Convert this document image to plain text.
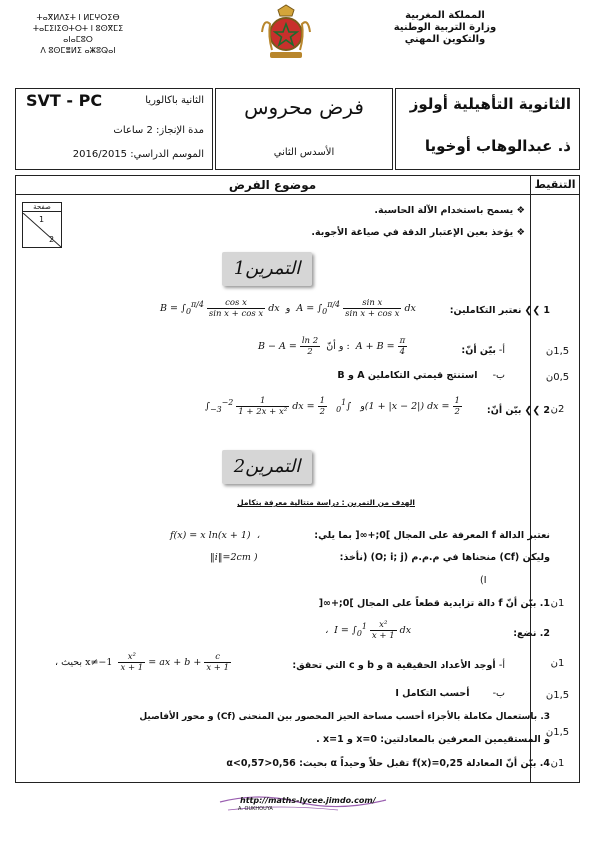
ⵜⴰⴳⵍⴷⵉⵜ ⵏ ⵍⵎⵖⵔⵉⴱ
ⵜⴰⵎⵉⵏⵉⵙⵜⵔⵜ ⵏ ⵓⵙⴳⵎⵉ ⴰⵏⴰⵎⵓⵔ
ⴷ ⵓⵙⵎⴻⵍⵉ ⴰⵥⵓⵕⴰⵏ
المملكة المغربية
وزارة التربية الوطنية
والتكوين المهني
الثانوية التأهيلية أولوز
ذ. عبدالوهاب أوخويا
فرض محروس
الأسدس الثاني
الثانية باكالوريا
SVT - PC
مدة الإنجاز: 2 ساعات
الموسم الدراسي: 2016/2015
موضوع الفرض	التنقيط
صفحة
1
2
❖ يسمح باستخدام الآلة الحاسبة.
❖ يؤخذ بعين الإعتبار الدقة في صياغة الأجوبة.
التمرين1
1 ❯❯ نعتبر التكاملين:
$B = \int_0^{\pi/4} \frac{\text{cos x}}{\text{sin x + cos x}}$ dx  و  $A = \int_0^{\pi/4} \frac{\text{sin x}}{\text{sin x + cos x}}$ dx
أ- بيّن أنّ:
$B - A = \frac{\ln 2}{2}$ و أنّ :  $A + B = \frac{\pi}{4}$
ب-     استنتج قيمتي التكاملين A و B
2 ❯❯ بيّن أنّ:
$\int_{-3}^{-2} \frac{1}{\text{1 + 2x + x²}}$ dx = $\frac{1}{2}$	و   $\int_0^1$ (1 + |x − 2|) dx = $\frac{1}{2}$
1,5ن
0,5ن
2ن
التمرين2
الهدف من التمرين : دراسة متتالية معرفة بتكامل
نعتبر الدالة f المعرفة على المجال ]0;+∞[ بما يلي:
f(x) = x ln(x + 1)  ،
وليكن (Cf) منحناها في م.م.م (O; i; j) (نأخذ:
‖i‖=2cm )
(I
1. بيّن أنّ f دالة تزايدية قطعاً على المجال ]0;+∞[
2. نضع:
،  $I = \int_0^1 \frac{\text{x²}}{x + 1}$ dx
أ- أوجد الأعداد الحقيقية a و b و c التي تحقق:
، بحيث $x\ne-1 \frac{\text{x²}}{x + 1}$ = ax + $b + \frac{c}{x + 1}$
ب-       أحسب التكامل I
3. باستعمال مكاملة بالأجزاء أحسب مساحة الحيز المحصور بين المنحنى (Cf) و محور الأفاصيل
و المستقيمين المعرفين بالمعادلتين: x=0 و x=1 .
4. بيّن أنّ المعادلة f(x)=0,25 تقبل حلاً وحيداً α بحيث: 0,56<α<0,57
1ن
1ن
1,5ن
1,5ن
1ن
http://maths-lycee.jimdo.com/
A. OUKHOUYA
